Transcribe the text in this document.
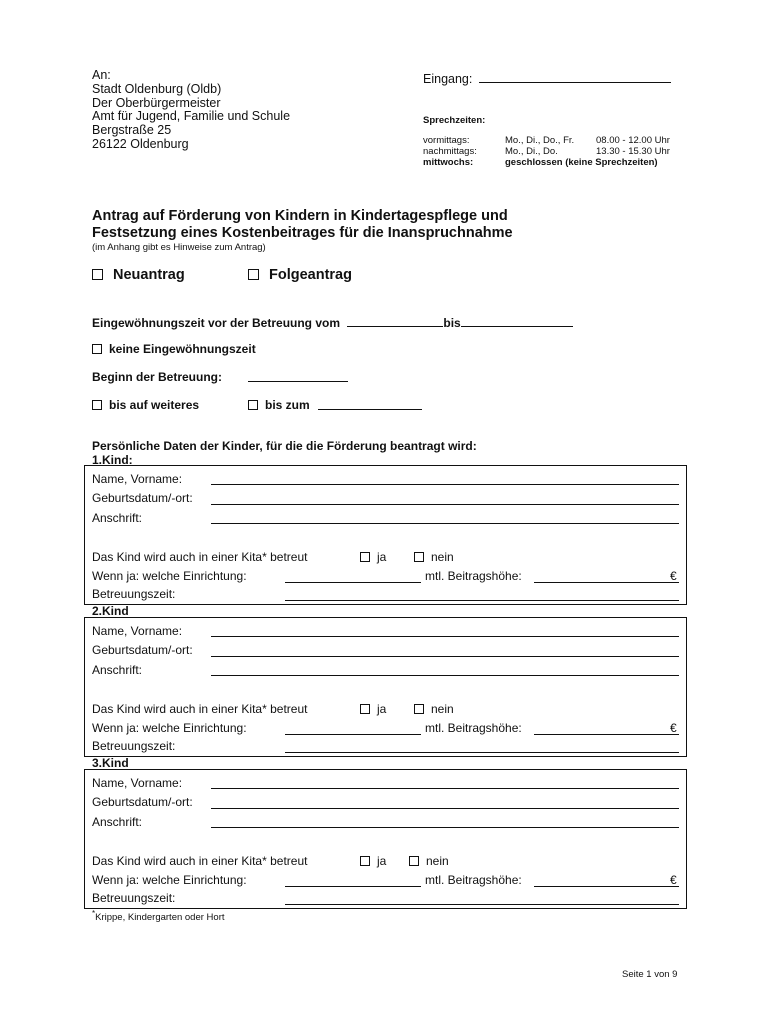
An:
Stadt Oldenburg (Oldb)
Der Oberbürgermeister
Amt für Jugend, Familie und Schule
Bergstraße 25
26122 Oldenburg
Eingang:
Sprechzeiten:
vormittags:	Mo., Di., Do., Fr. 08.00 - 12.00 Uhr
nachmittags:	Mo., Di., Do.	13.30 - 15.30 Uhr
mittwochs:	geschlossen (keine Sprechzeiten)
Antrag auf Förderung von Kindern in Kindertagespflege und
Festsetzung eines Kostenbeitrages für die Inanspruchnahme
(im Anhang gibt es Hinweise zum Antrag)
Neuantrag	Folgeantrag
Eingewöhnungszeit vor der Betreuung vom	bis
keine Eingewöhnungszeit
Beginn der Betreuung:
bis auf weiteres	bis zum
Persönliche Daten der Kinder, für die die Förderung beantragt wird:
1.Kind:
Name, Vorname:
Geburtsdatum/-ort:
Anschrift:
Das Kind wird auch in einer Kita* betreut	ja	nein
Wenn ja: welche Einrichtung:	mtl. Beitragshöhe:	€
Betreuungszeit:
2.Kind
Name, Vorname:
Geburtsdatum/-ort:
Anschrift:
Das Kind wird auch in einer Kita* betreut	ja	nein
Wenn ja: welche Einrichtung:	mtl. Beitragshöhe:	€
Betreuungszeit:
3.Kind
Name, Vorname:
Geburtsdatum/-ort:
Anschrift:
Das Kind wird auch in einer Kita* betreut	ja	nein
Wenn ja: welche Einrichtung:	mtl. Beitragshöhe:	€
Betreuungszeit:
*Krippe, Kindergarten oder Hort
Seite 1 von 9
